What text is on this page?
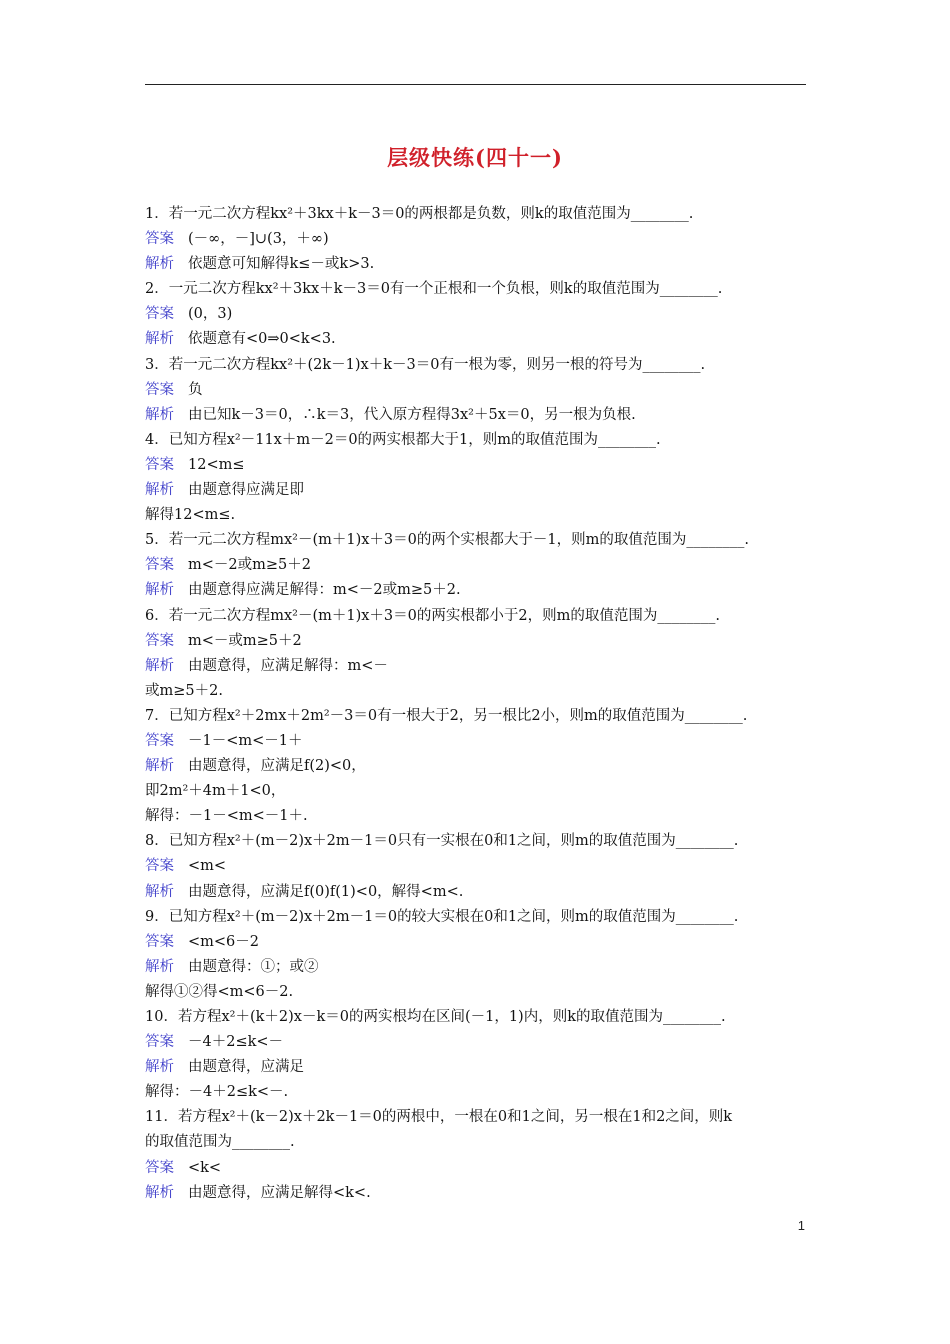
层级快练(四十一)
1．若一元二次方程kx²＋3kx＋k－3＝0的两根都是负数，则k的取值范围为________.
答案 (－∞，－]∪(3，＋∞)
解析 依题意可知解得k≤－或k>3.
2．一元二次方程kx²＋3kx＋k－3＝0有一个正根和一个负根，则k的取值范围为________.
答案 (0，3)
解析 依题意有<0⇒0<k<3.
3．若一元二次方程kx²＋(2k－1)x＋k－3＝0有一根为零，则另一根的符号为________.
答案 负
解析 由已知k－3＝0，∴k＝3，代入原方程得3x²＋5x＝0，另一根为负根.
4．已知方程x²－11x＋m－2＝0的两实根都大于1，则m的取值范围为________.
答案 12<m≤
解析 由题意得应满足即
解得12<m≤.
5．若一元二次方程mx²－(m＋1)x＋3＝0的两个实根都大于－1，则m的取值范围为________.
答案 m<－2或m≥5＋2
解析 由题意得应满足解得：m<－2或m≥5＋2.
6．若一元二次方程mx²－(m＋1)x＋3＝0的两实根都小于2，则m的取值范围为________.
答案 m<－或m≥5＋2
解析 由题意得，应满足解得：m<－
或m≥5＋2.
7．已知方程x²＋2mx＋2m²－3＝0有一根大于2，另一根比2小，则m的取值范围为________.
答案 －1－<m<－1＋
解析 由题意得，应满足f(2)<0，
即2m²＋4m＋1<0，
解得：－1－<m<－1＋.
8．已知方程x²＋(m－2)x＋2m－1＝0只有一实根在0和1之间，则m的取值范围为________.
答案 <m<
解析 由题意得，应满足f(0)f(1)<0，解得<m<.
9．已知方程x²＋(m－2)x＋2m－1＝0的较大实根在0和1之间，则m的取值范围为________.
答案 <m<6－2
解析 由题意得：①；或②
解得①②得<m<6－2.
10．若方程x²＋(k＋2)x－k＝0的两实根均在区间(－1，1)内，则k的取值范围为________.
答案 －4＋2≤k<－
解析 由题意得，应满足
解得：－4＋2≤k<－.
11．若方程x²＋(k－2)x＋2k－1＝0的两根中，一根在0和1之间，另一根在1和2之间，则k
的取值范围为________.
答案 <k<
解析 由题意得，应满足解得<k<.
1
